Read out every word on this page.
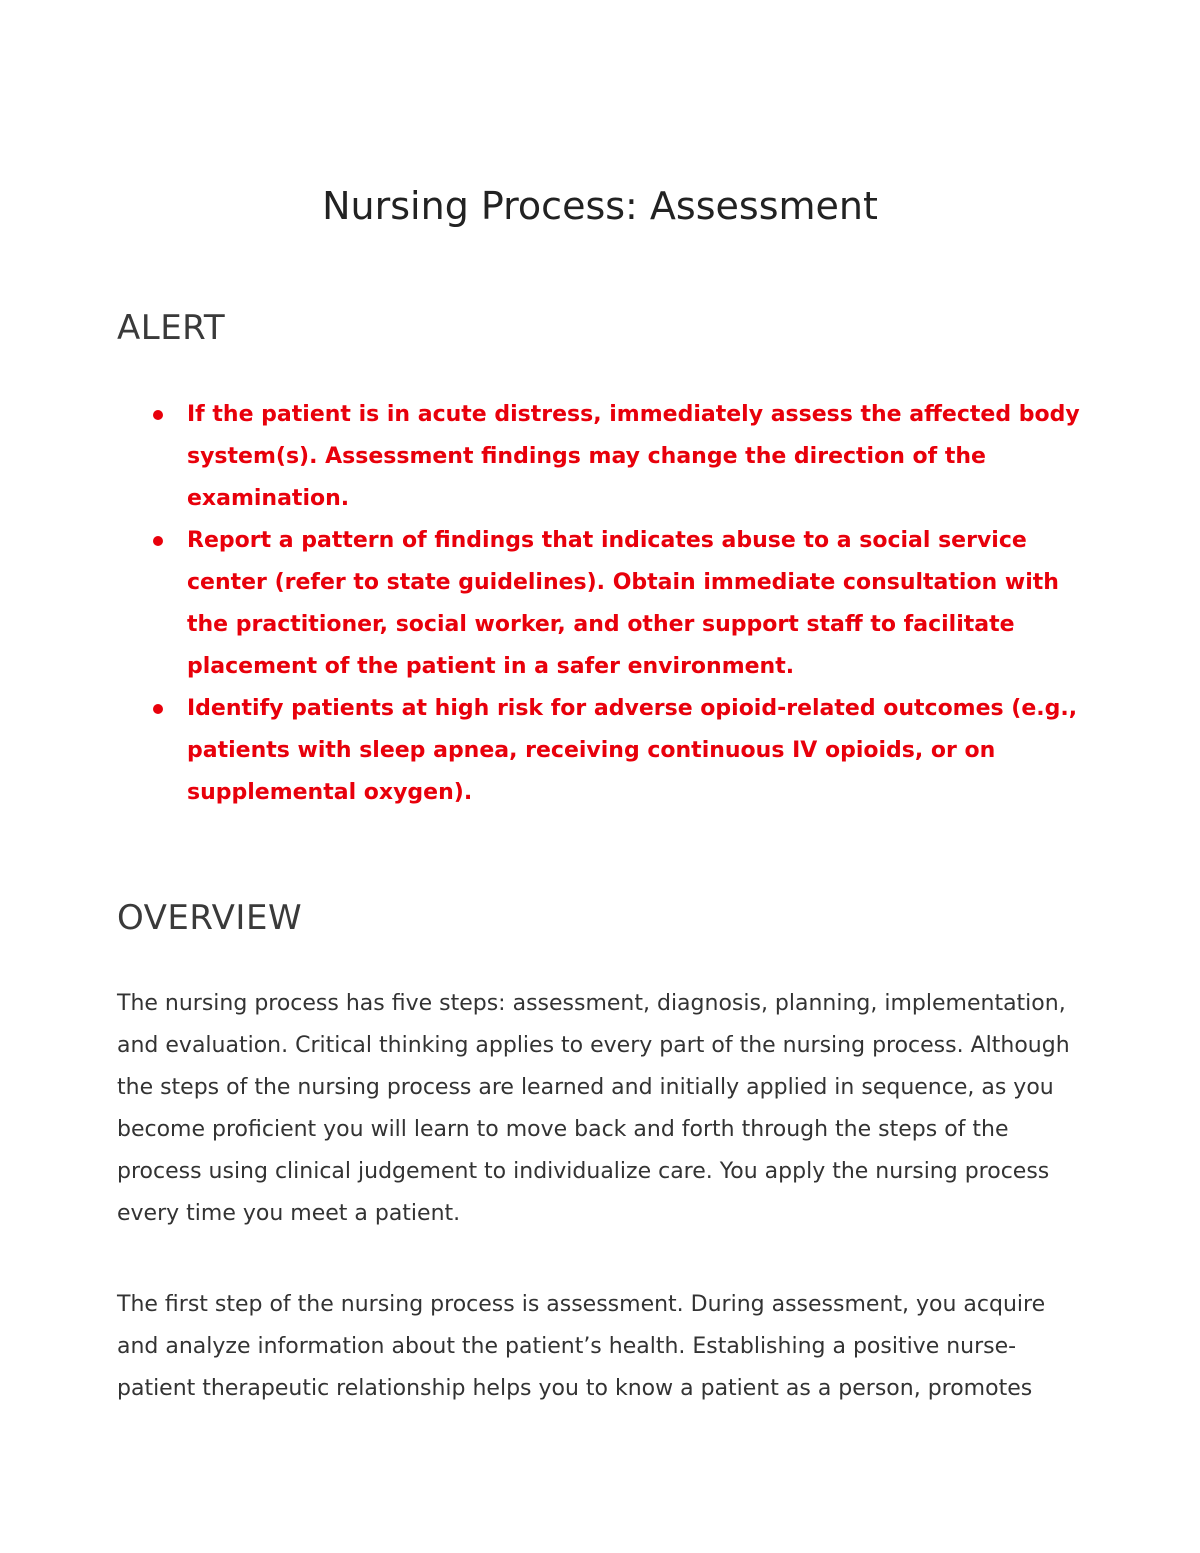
Nursing Process: Assessment
ALERT
If the patient is in acute distress, immediately assess the affected body system(s). Assessment findings may change the direction of the examination.
Report a pattern of findings that indicates abuse to a social service center (refer to state guidelines). Obtain immediate consultation with the practitioner, social worker, and other support staff to facilitate placement of the patient in a safer environment.
Identify patients at high risk for adverse opioid-related outcomes (e.g., patients with sleep apnea, receiving continuous IV opioids, or on supplemental oxygen).
OVERVIEW

The nursing process has five steps: assessment, diagnosis, planning, implementation, and evaluation. Critical thinking applies to every part of the nursing process. Although the steps of the nursing process are learned and initially applied in sequence, as you become proficient you will learn to move back and forth through the steps of the process using clinical judgement to individualize care. You apply the nursing process every time you meet a patient.

The first step of the nursing process is assessment. During assessment, you acquire and analyze information about the patient’s health. Establishing a positive nurse-patient therapeutic relationship helps you to know a patient as a person, promotes
